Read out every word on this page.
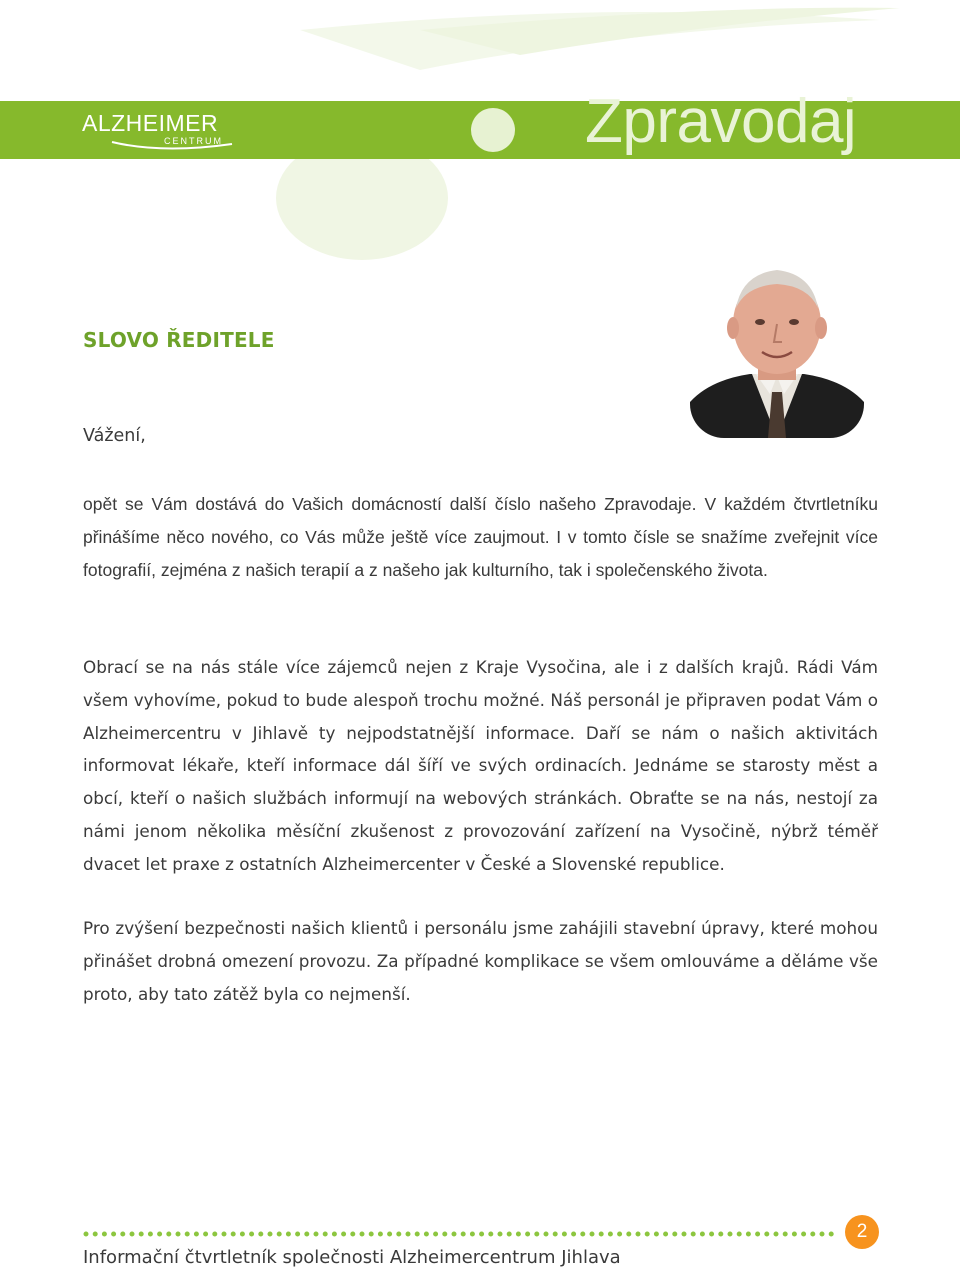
ALZHEIMER
CENTRUM	Zpravodaj
SLOVO ŘEDITELE
Vážení,

opět se Vám dostává do Vašich domácností další číslo našeho Zpravodaje. V každém čtvrtletníku přinášíme něco nového, co Vás může ještě více zaujmout. I v tomto čísle se snažíme zveřejnit více fotografií, zejména z našich terapií a z našeho jak kulturního, tak i společenského života.

Obrací se na nás stále více zájemců nejen z Kraje Vysočina, ale i z dalších krajů. Rádi Vám všem vyhovíme, pokud to bude alespoň trochu možné. Náš personál je připraven podat Vám o Alzheimercentru v Jihlavě ty nejpodstatnější informace. Daří se nám o našich aktivitách informovat lékaře, kteří informace dál šíří ve svých ordinacích. Jednáme se starosty měst a obcí, kteří o našich službách informují na webových stránkách. Obraťte se na nás, nestojí za námi jenom několika měsíční zkušenost z provozování zařízení na Vysočině, nýbrž téměř dvacet let praxe z ostatních Alzheimercenter v České a Slovenské republice.

Pro zvýšení bezpečnosti našich klientů i personálu jsme zahájili stavební úpravy, které mohou přinášet drobná omezení provozu. Za případné komplikace se všem omlouváme a děláme vše proto, aby tato zátěž byla co nejmenší.

2
Informační čtvrtletník společnosti Alzheimercentrum Jihlava
